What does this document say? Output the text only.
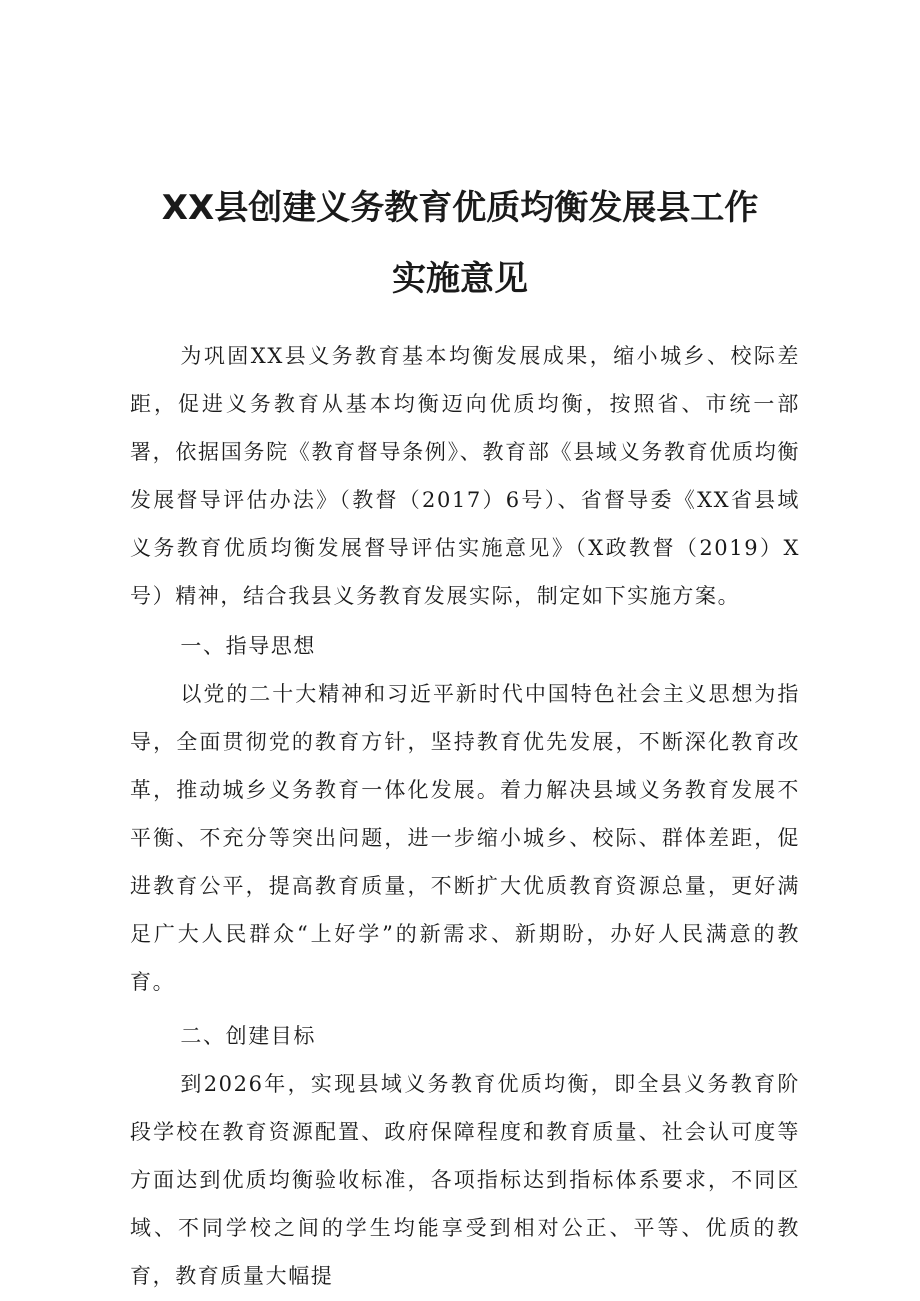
XX县创建义务教育优质均衡发展县工作
实施意见

为巩固XX县义务教育基本均衡发展成果，缩小城乡、校际差距，促进义务教育从基本均衡迈向优质均衡，按照省、市统一部署，依据国务院《教育督导条例》、教育部《县域义务教育优质均衡发展督导评估办法》（教督（2017）6号）、省督导委《XX省县域义务教育优质均衡发展督导评估实施意见》（X政教督（2019）X号）精神，结合我县义务教育发展实际，制定如下实施方案。

一、指导思想

以党的二十大精神和习近平新时代中国特色社会主义思想为指导，全面贯彻党的教育方针，坚持教育优先发展，不断深化教育改革，推动城乡义务教育一体化发展。着力解决县域义务教育发展不平衡、不充分等突出问题，进一步缩小城乡、校际、群体差距，促进教育公平，提高教育质量，不断扩大优质教育资源总量，更好满足广大人民群众“上好学”的新需求、新期盼，办好人民满意的教育。

二、创建目标

到2026年，实现县域义务教育优质均衡，即全县义务教育阶段学校在教育资源配置、政府保障程度和教育质量、社会认可度等方面达到优质均衡验收标准，各项指标达到指标体系要求，不同区域、不同学校之间的学生均能享受到相对公正、平等、优质的教育，教育质量大幅提
